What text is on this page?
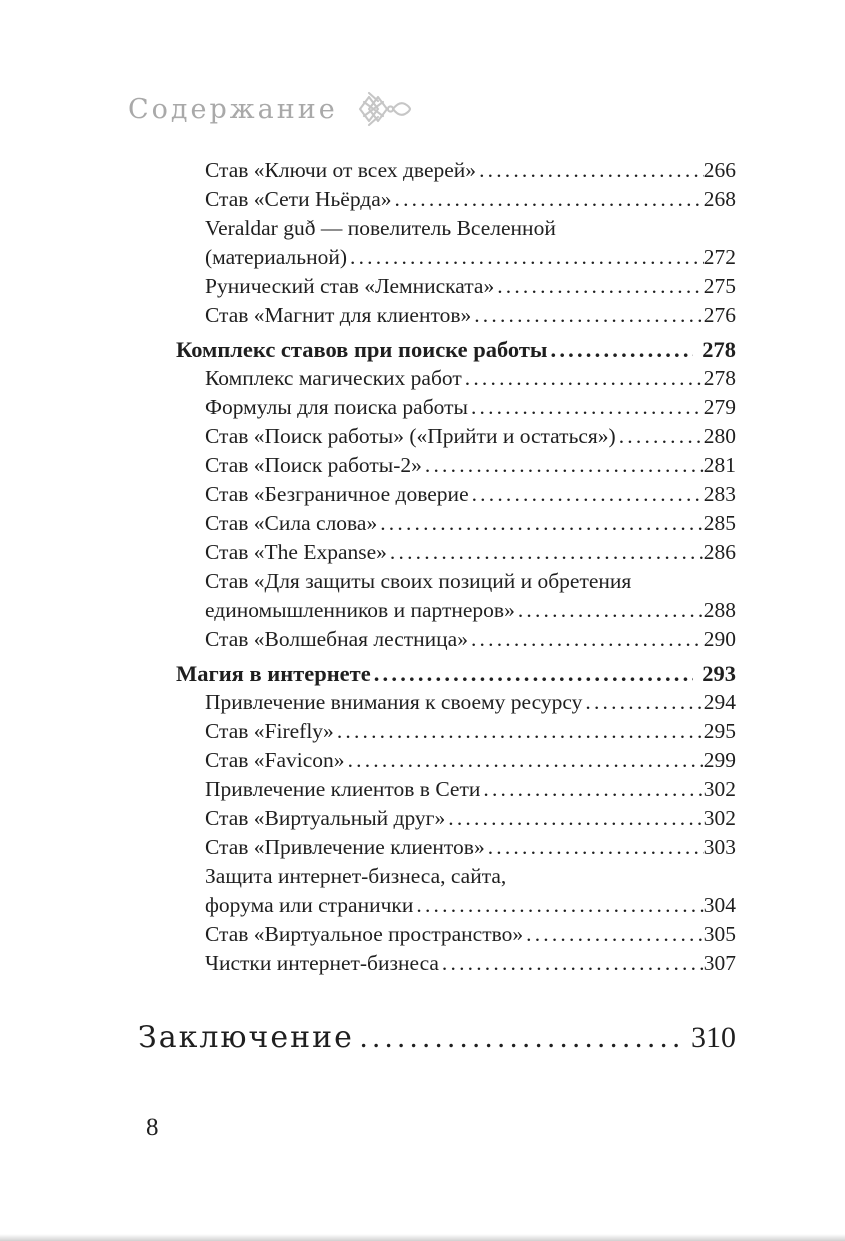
Содержание
Став «Ключи от всех дверей» .....	266
Став «Сети Ньёрда» .....	268
Veraldar guð — повелитель Вселенной
(материальной) .....	272
Рунический став «Лемниската» .....	275
Став «Магнит для клиентов» .....	276
Комплекс ставов при поиске работы .....	278
Комплекс магических работ .....	278
Формулы для поиска работы .....	279
Став «Поиск работы» («Прийти и остаться») .....	280
Став «Поиск работы-2» .....	281
Став «Безграничное доверие .....	283
Став «Сила слова» .....	285
Став «The Expanse» .....	286
Став «Для защиты своих позиций и обретения
единомышленников и партнеров» .....	288
Став «Волшебная лестница» .....	290
Магия в интернете .....	293
Привлечение внимания к своему ресурсу .....	294
Став «Firefly» .....	295
Став «Favicon» .....	299
Привлечение клиентов в Сети .....	302
Став «Виртуальный друг» .....	302
Став «Привлечение клиентов» .....	303
Защита интернет-бизнеса, сайта,
форума или странички .....	304
Став «Виртуальное пространство» .....	305
Чистки интернет-бизнеса .....	307
Заключение .....	310
8
